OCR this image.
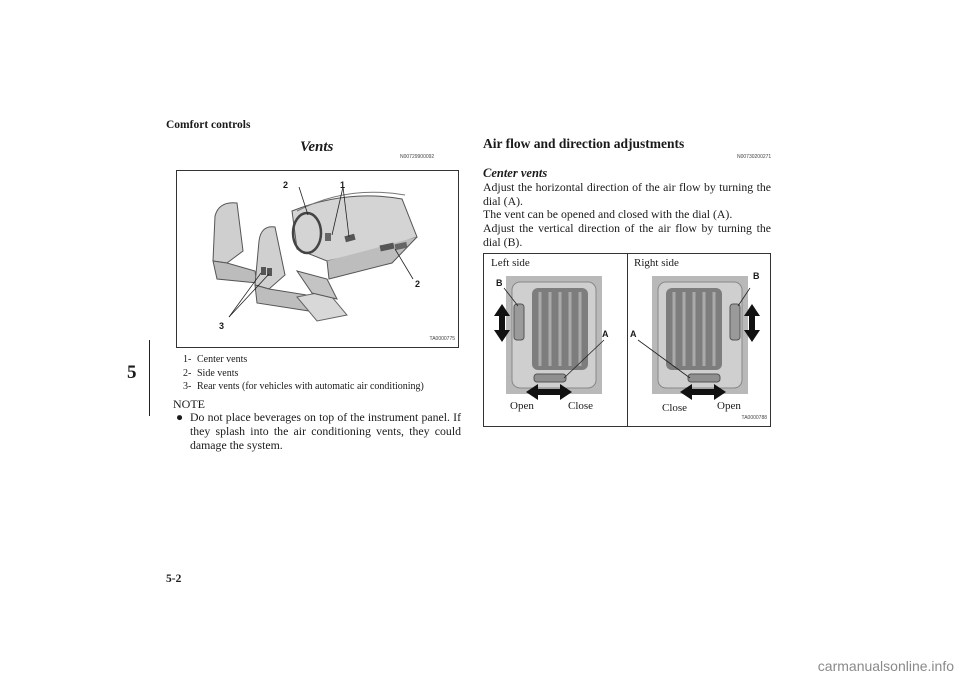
Comfort controls
5
5-2
carmanualsonline.info
Vents
N00729900092
2	1
2
3
TA0000775
1- Center vents
2- Side vents
3- Rear vents (for vehicles with automatic air conditioning)
NOTE
● Do not place beverages on top of the instrument panel. If they splash into the air conditioning vents, they could damage the system.
Air flow and direction adjustments
N00730200271
Center vents
Adjust the horizontal direction of the air flow by turning the dial (A).
The vent can be opened and closed with the dial (A).
Adjust the vertical direction of the air flow by turning the dial (B).
Left side
B
A
Open	Close
Right side
B
A
Close	Open
TA0000788
